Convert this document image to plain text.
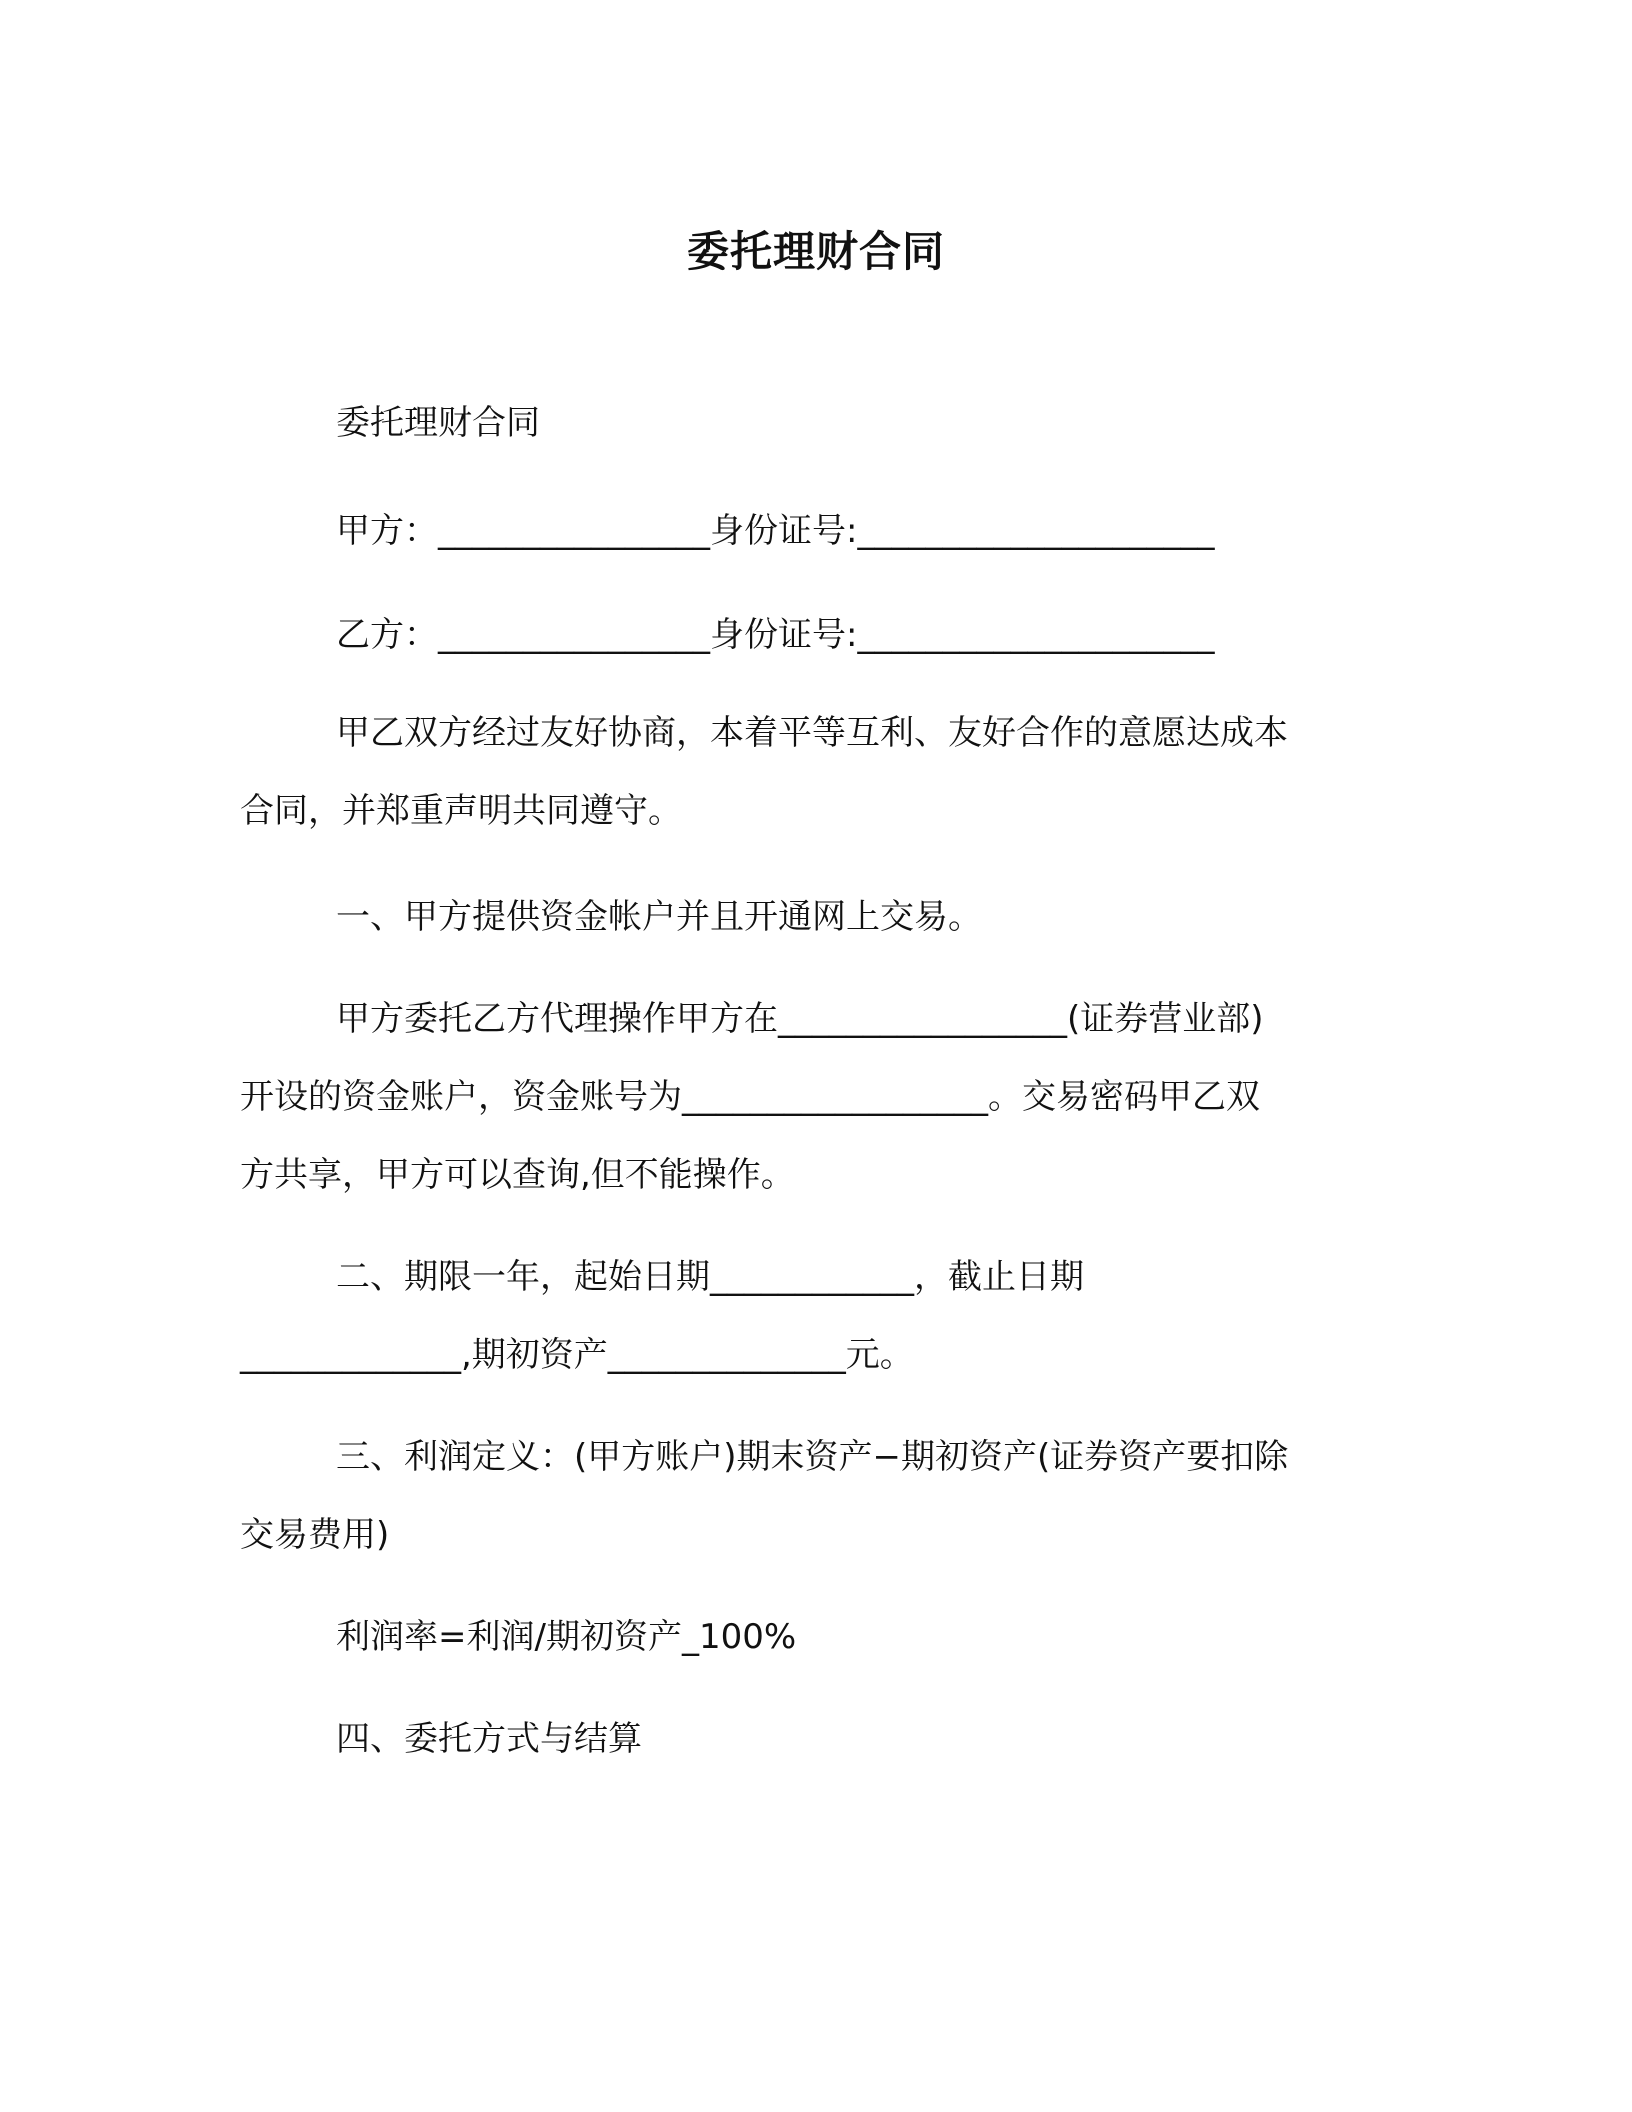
委托理财合同
委托理财合同
甲方：________________身份证号:_____________________
乙方：________________身份证号:_____________________
甲乙双方经过友好协商，本着平等互利、友好合作的意愿达成本
合同，并郑重声明共同遵守。
一、甲方提供资金帐户并且开通网上交易。
甲方委托乙方代理操作甲方在_________________(证券营业部)
开设的资金账户，资金账号为__________________。交易密码甲乙双
方共享，甲方可以查询,但不能操作。
二、期限一年，起始日期____________，截止日期
_____________,期初资产______________元。
三、利润定义：(甲方账户)期末资产−期初资产(证券资产要扣除
交易费用)
利润率=利润/期初资产_100%
四、委托方式与结算
